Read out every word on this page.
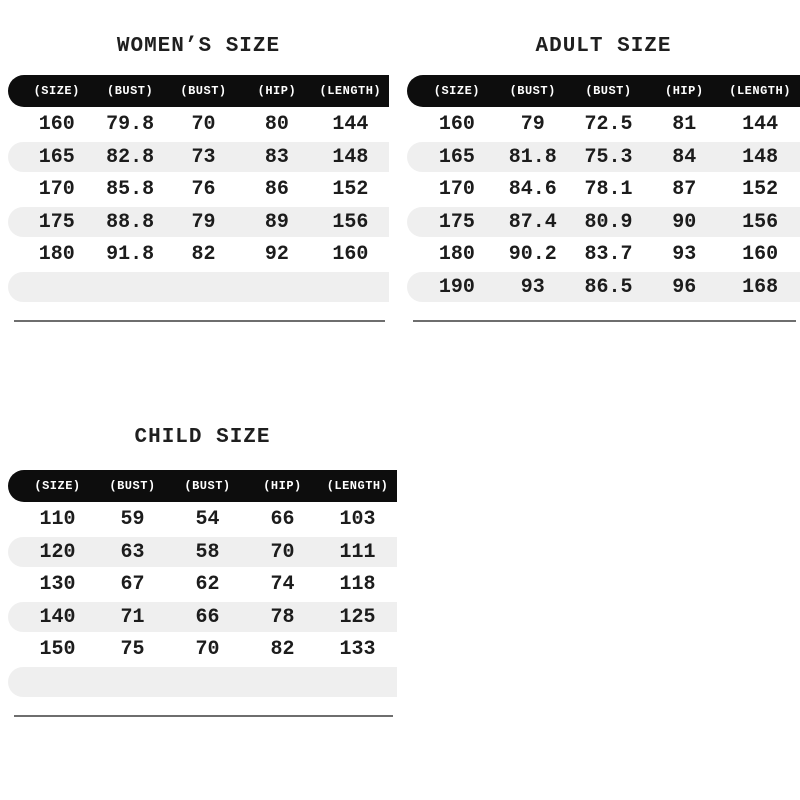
WOMEN’S SIZE
(SIZE)	(BUST)	(BUST)	(HIP)	(LENGTH)
160	79.8	70	80	144
165	82.8	73	83	148
170	85.8	76	86	152
175	88.8	79	89	156
180	91.8	82	92	160
ADULT SIZE
(SIZE)	(BUST)	(BUST)	(HIP)	(LENGTH)
160	79	72.5	81	144
165	81.8	75.3	84	148
170	84.6	78.1	87	152
175	87.4	80.9	90	156
180	90.2	83.7	93	160
190	93	86.5	96	168
CHILD SIZE
(SIZE)	(BUST)	(BUST)	(HIP)	(LENGTH)
110	59	54	66	103
120	63	58	70	111
130	67	62	74	118
140	71	66	78	125
150	75	70	82	133
